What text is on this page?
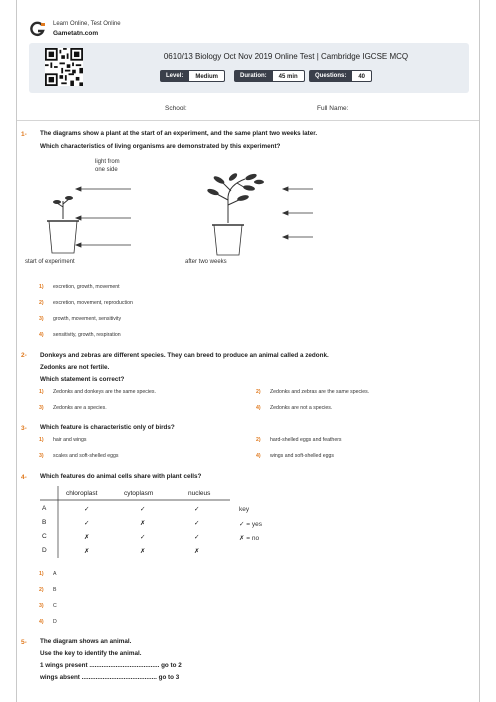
Learn Online, Test Online
Gametatn.com
0610/13 Biology Oct Nov 2019 Online Test | Cambridge IGCSE MCQ
Level:	Medium	Duration:	45 min	Questions:	40
School:	Full Name:
1- The diagrams show a plant at the start of an experiment, and the same plant two weeks later.
Which characteristics of living organisms are demonstrated by this experiment?
light from
one side
start of experiment	after two weeks
1) excretion, growth, movement
2) excretion, movement, reproduction
3) growth, movement, sensitivity
4) sensitivity, growth, respiration
2- Donkeys and zebras are different species. They can breed to produce an animal called a zedonk.
Zedonks are not fertile.
Which statement is correct?
1) Zedonks and donkeys are the same species.	2) Zedonks and zebras are the same species.
3) Zedonks are a species.	4) Zedonks are not a species.
3- Which feature is characteristic only of birds?
1) hair and wings	2) hard-shelled eggs and feathers
3) scales and soft-shelled eggs	4) wings and soft-shelled eggs
4- Which features do animal cells share with plant cells?
chloroplast	cytoplasm	nucleus
A	✓	✓	✓
B	✓	✗	✓
C	✗	✓	✓
D	✗	✗	✗
key
✓ = yes
✗ = no
1) A
2) B
3) C
4) D
5- The diagram shows an animal.
Use the key to identify the animal.
1 wings present ........................................ go to 2
wings absent ........................................... go to 3
